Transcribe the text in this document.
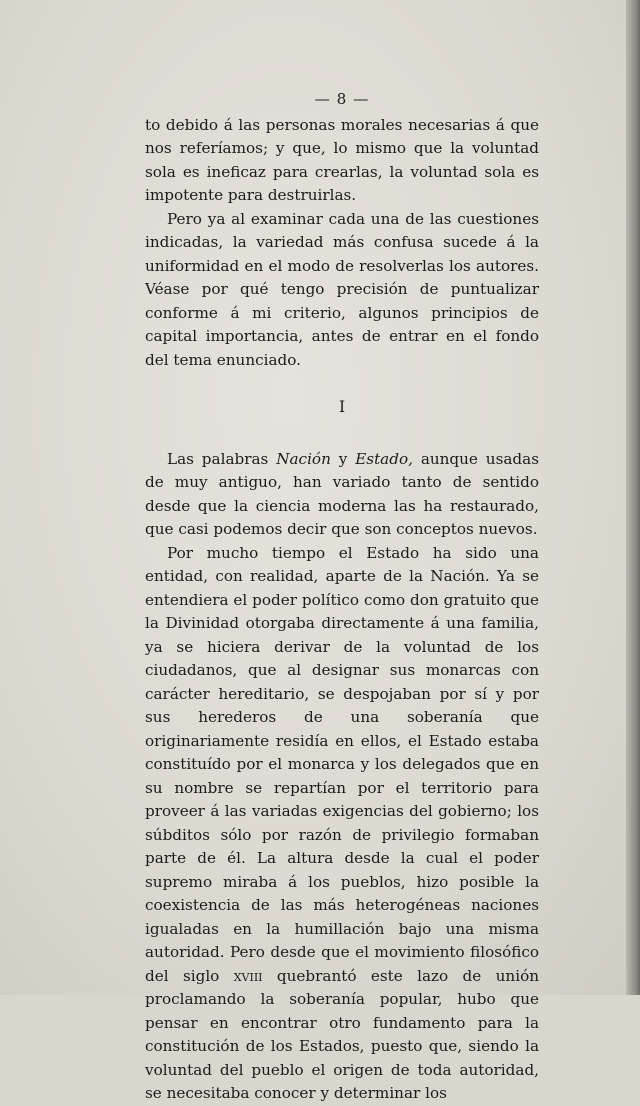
— 8 —

to debido á las personas morales necesarias á que nos referíamos; y que, lo mismo que la voluntad sola es ineficaz para crearlas, la voluntad sola es impotente para destruirlas.

Pero ya al examinar cada una de las cuestiones indicadas, la variedad más confusa sucede á la uniformidad en el modo de resolverlas los autores. Véase por qué tengo precisión de puntualizar conforme á mi criterio, algunos principios de capital importancia, antes de entrar en el fondo del tema enunciado.

I

Las palabras Nación y Estado, aunque usadas de muy antiguo, han variado tanto de sentido desde que la ciencia moderna las ha restaurado, que casi podemos decir que son conceptos nuevos.

Por mucho tiempo el Estado ha sido una entidad, con realidad, aparte de la Nación. Ya se entendiera el poder político como don gratuito que la Divinidad otorgaba directamente á una familia, ya se hiciera derivar de la voluntad de los ciudadanos, que al designar sus monarcas con carácter hereditario, se despojaban por sí y por sus herederos de una soberanía que originariamente residía en ellos, el Estado estaba constituído por el monarca y los delegados que en su nombre se repartían por el territorio para proveer á las variadas exigencias del gobierno; los súbditos sólo por razón de privilegio formaban parte de él. La altura desde la cual el poder supremo miraba á los pueblos, hizo posible la coexistencia de las más heterogéneas naciones igualadas en la humillación bajo una misma autoridad. Pero desde que el movimiento filosófico del siglo xviii quebrantó este lazo de unión proclamando la soberanía popular, hubo que pensar en encontrar otro fundamento para la constitución de los Estados, puesto que, siendo la voluntad del pueblo el origen de toda autoridad, se necesitaba conocer y determinar los
